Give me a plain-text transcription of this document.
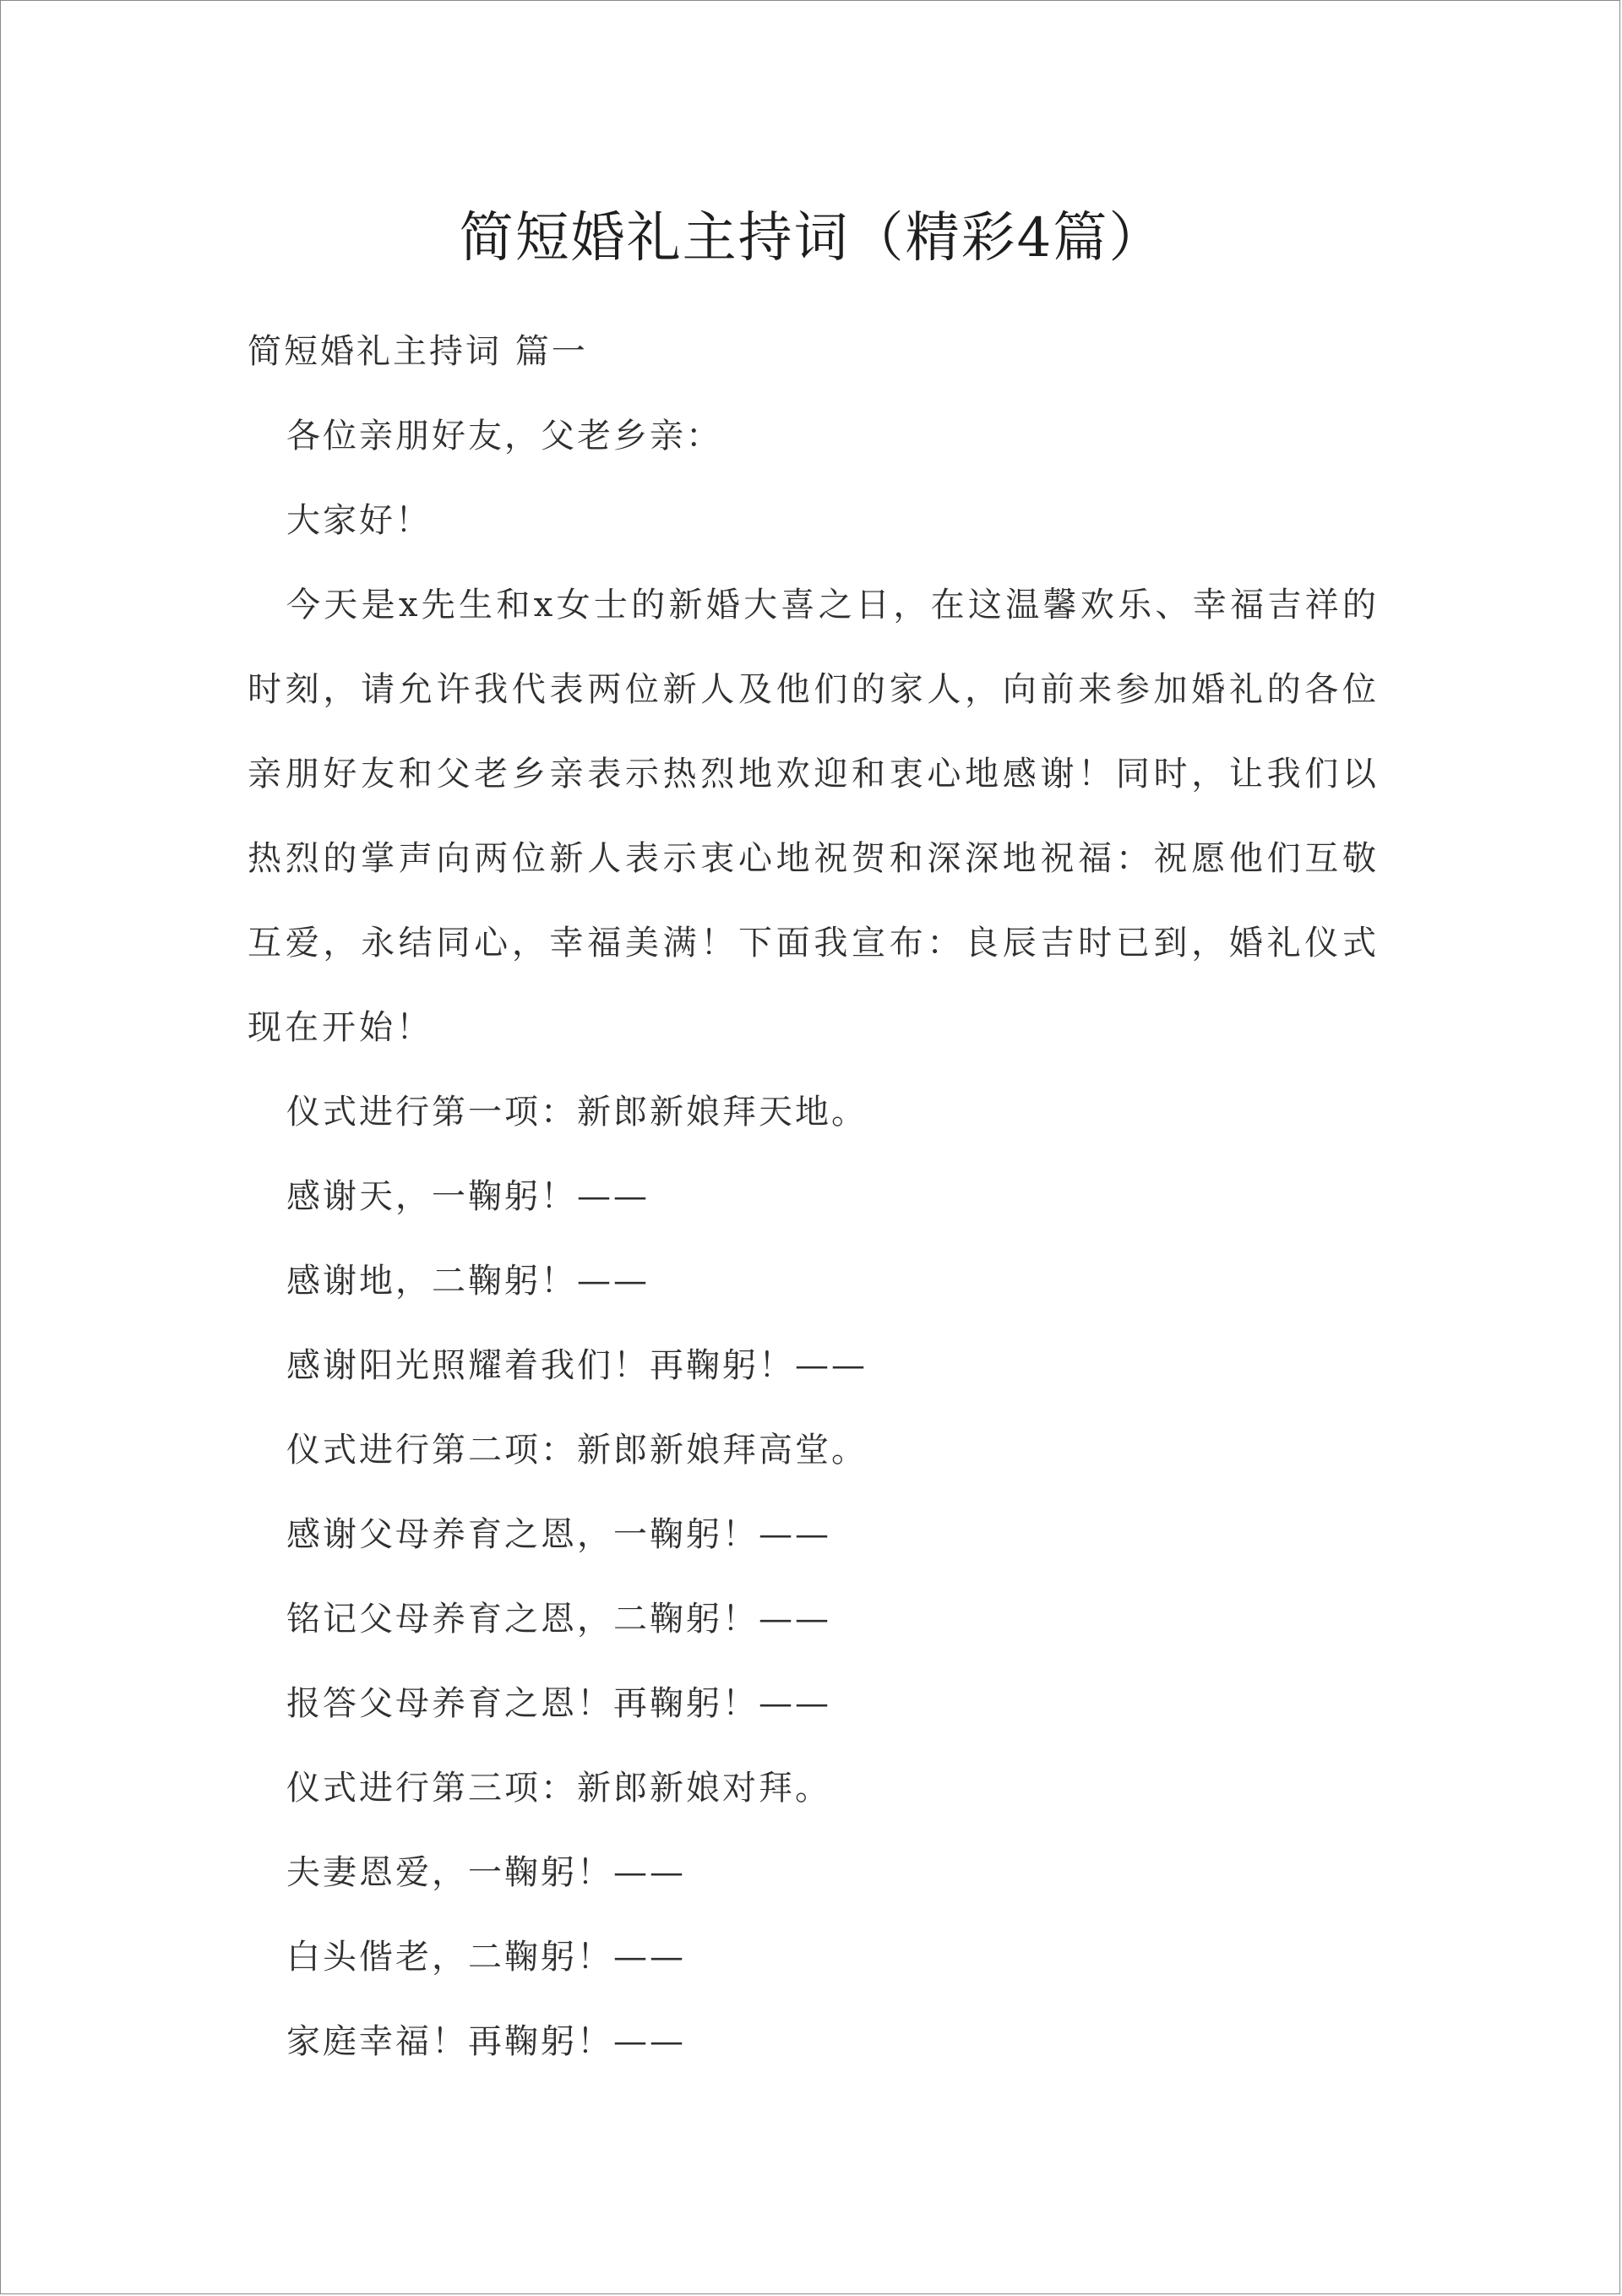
简短婚礼主持词（精彩4篇）
简短婚礼主持词 篇一
各位亲朋好友，父老乡亲：
大家好！
今天是x先生和x女士的新婚大喜之日，在这温馨欢乐、幸福吉祥的时刻，请允许我代表两位新人及他们的家人，向前来参加婚礼的各位亲朋好友和父老乡亲表示热烈地欢迎和衷心地感谢！同时，让我们以热烈的掌声向两位新人表示衷心地祝贺和深深地祝福：祝愿他们互敬互爱，永结同心，幸福美满！下面我宣布：良辰吉时已到，婚礼仪式现在开始！
仪式进行第一项：新郎新娘拜天地。
感谢天，一鞠躬！——
感谢地，二鞠躬！——
感谢阳光照耀着我们！再鞠躬！——
仪式进行第二项：新郎新娘拜高堂。
感谢父母养育之恩，一鞠躬！——
铭记父母养育之恩，二鞠躬！——
报答父母养育之恩！再鞠躬！——
仪式进行第三项：新郎新娘对拜。
夫妻恩爱，一鞠躬！——
白头偕老，二鞠躬！——
家庭幸福！再鞠躬！——
